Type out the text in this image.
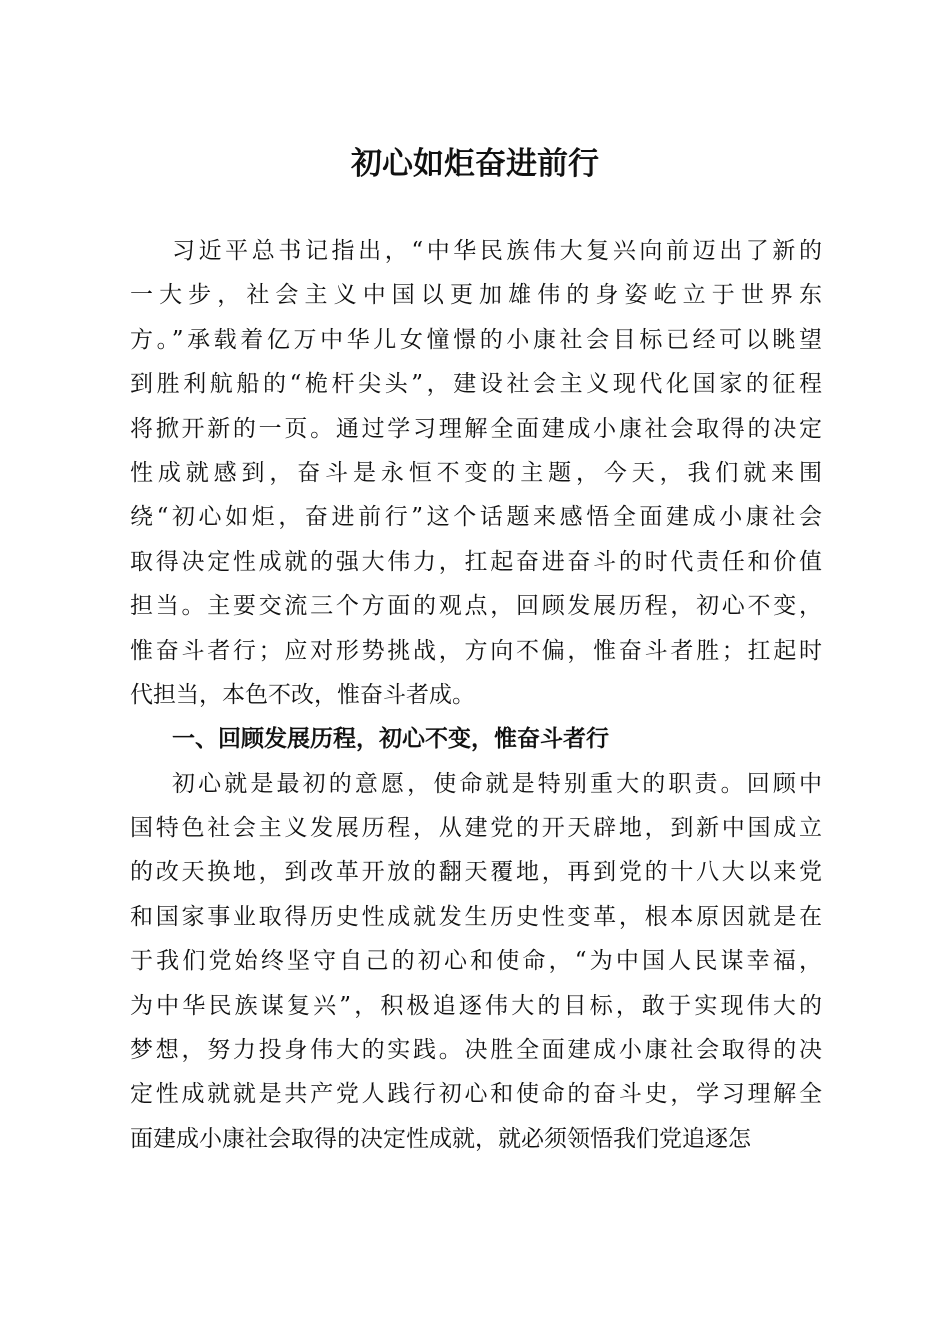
初心如炬奋进前行
习近平总书记指出，“中华民族伟大复兴向前迈出了新的
一大步，社会主义中国以更加雄伟的身姿屹立于世界东
方。”承载着亿万中华儿女憧憬的小康社会目标已经可以眺望
到胜利航船的“桅杆尖头”，建设社会主义现代化国家的征程
将掀开新的一页。通过学习理解全面建成小康社会取得的决定
性成就感到，奋斗是永恒不变的主题，今天，我们就来围
绕“初心如炬，奋进前行”这个话题来感悟全面建成小康社会
取得决定性成就的强大伟力，扛起奋进奋斗的时代责任和价值
担当。主要交流三个方面的观点，回顾发展历程，初心不变，
惟奋斗者行；应对形势挑战，方向不偏，惟奋斗者胜；扛起时
代担当，本色不改，惟奋斗者成。
一、回顾发展历程，初心不变，惟奋斗者行
初心就是最初的意愿，使命就是特别重大的职责。回顾中
国特色社会主义发展历程，从建党的开天辟地，到新中国成立
的改天换地，到改革开放的翻天覆地，再到党的十八大以来党
和国家事业取得历史性成就发生历史性变革，根本原因就是在
于我们党始终坚守自己的初心和使命，“为中国人民谋幸福，
为中华民族谋复兴”，积极追逐伟大的目标，敢于实现伟大的
梦想，努力投身伟大的实践。决胜全面建成小康社会取得的决
定性成就就是共产党人践行初心和使命的奋斗史，学习理解全
面建成小康社会取得的决定性成就，就必须领悟我们党追逐怎
